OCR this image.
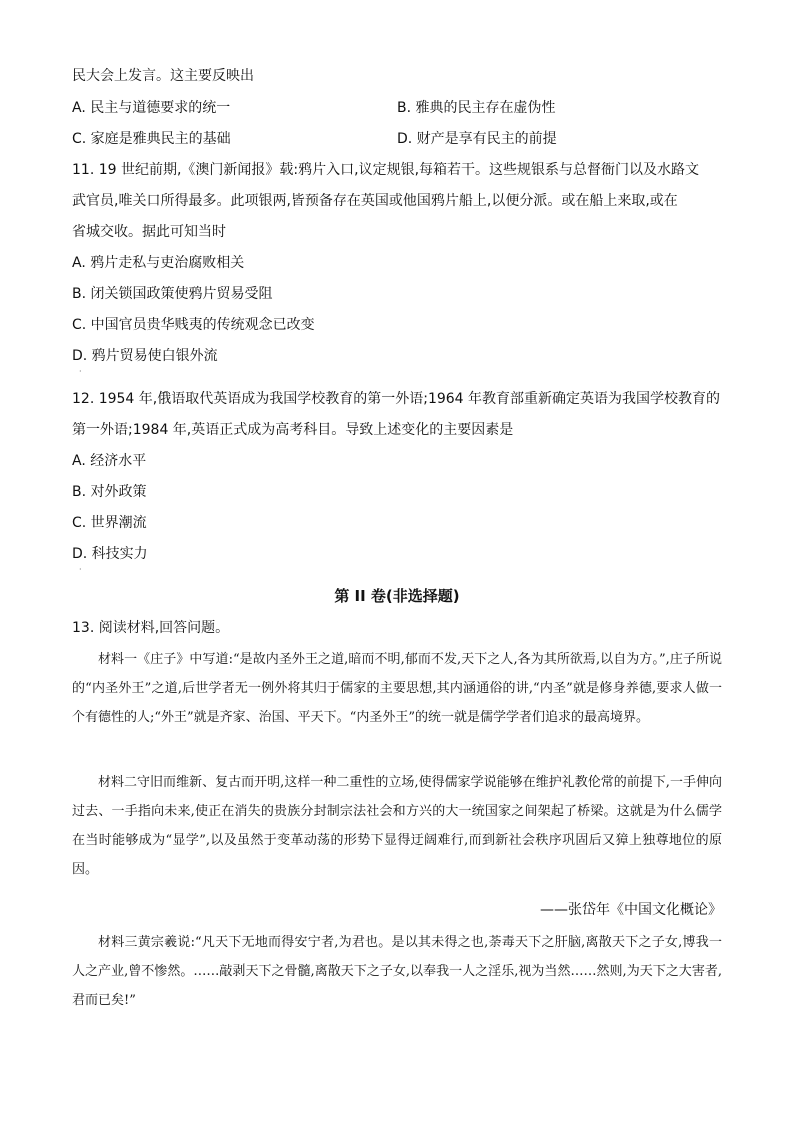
民大会上发言。这主要反映出
A. 民主与道德要求的统一	B. 雅典的民主存在虚伪性
C. 家庭是雅典民主的基础	D. 财产是享有民主的前提
11. 19 世纪前期,《澳门新闻报》载:鸦片入口,议定规银,每箱若干。这些规银系与总督衙门以及水路文
武官员,唯关口所得最多。此项银两,皆预备存在英国或他国鸦片船上,以便分派。或在船上来取,或在
省城交收。据此可知当时
A. 鸦片走私与吏治腐败相关
B. 闭关锁国政策使鸦片贸易受阻
C. 中国官员贵华贱夷的传统观念已改变
D. 鸦片贸易使白银外流
·
12. 1954 年,俄语取代英语成为我国学校教育的第一外语;1964 年教育部重新确定英语为我国学校教育的
第一外语;1984 年,英语正式成为高考科目。导致上述变化的主要因素是
A. 经济水平
B. 对外政策
C. 世界潮流
D. 科技实力
·
第 II 卷(非选择题)
13. 阅读材料,回答问题。

材料一《庄子》中写道:“是故内圣外王之道,暗而不明,郁而不发,天下之人,各为其所欲焉,以自为方。”,庄子所说的“内圣外王”之道,后世学者无一例外将其归于儒家的主要思想,其内涵通俗的讲,“内圣”就是修身养德,要求人做一个有德性的人;“外王”就是齐家、治国、平天下。“内圣外王”的统一就是儒学学者们追求的最高境界。

材料二守旧而维新、复古而开明,这样一种二重性的立场,使得儒家学说能够在维护礼教伦常的前提下,一手伸向过去、一手指向未来,使正在消失的贵族分封制宗法社会和方兴的大一统国家之间架起了桥梁。这就是为什么儒学在当时能够成为“显学”,以及虽然于变革动荡的形势下显得迂阔难行,而到新社会秩序巩固后又獐上独尊地位的原因。

——张岱年《中国文化概论》

材料三黄宗羲说:“凡天下无地而得安宁者,为君也。是以其未得之也,荼毒天下之肝脑,离散天下之子女,博我一人之产业,曾不惨然。……敲剥天下之骨髓,离散天下之子女,以奉我一人之淫乐,视为当然……然则,为天下之大害者,君而已矣!”
